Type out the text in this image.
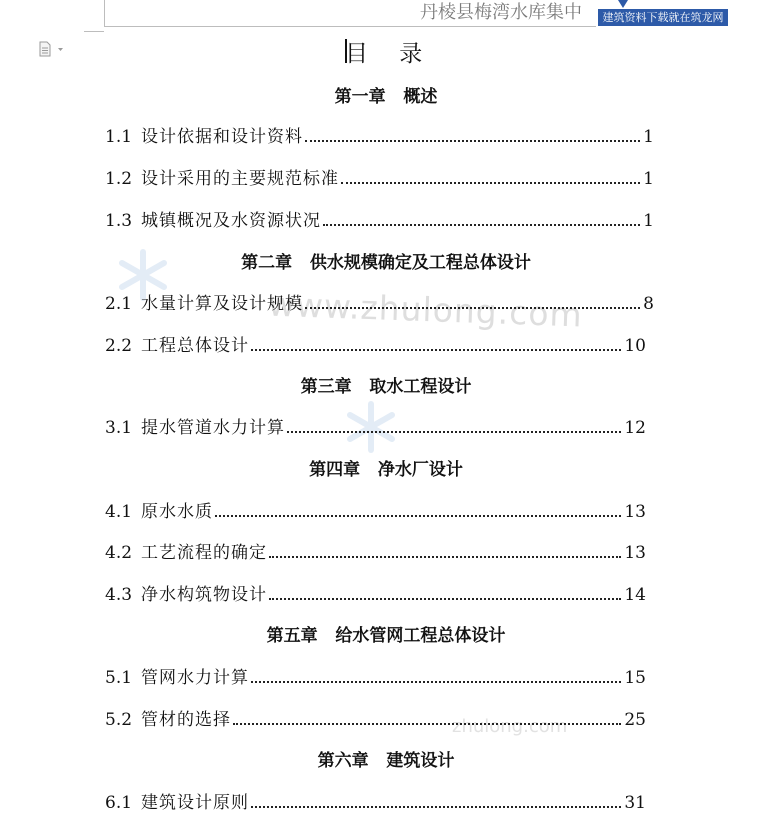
丹棱县梅湾水库集中	建筑资料下载就在筑龙网
www.zhulong.com
zhulong.com
目 录
第一章   概述
1.1 设计依据和设计资料	1
1.2 设计采用的主要规范标准	1
1.3 城镇概况及水资源状况	1
第二章   供水规模确定及工程总体设计
2.1 水量计算及设计规模	8
2.2 工程总体设计	10
第三章   取水工程设计
3.1 提水管道水力计算	12
第四章   净水厂设计
4.1 原水水质	13
4.2 工艺流程的确定	13
4.3 净水构筑物设计	14
第五章   给水管网工程总体设计
5.1 管网水力计算	15
5.2 管材的选择	25
第六章   建筑设计
6.1 建筑设计原则	31
